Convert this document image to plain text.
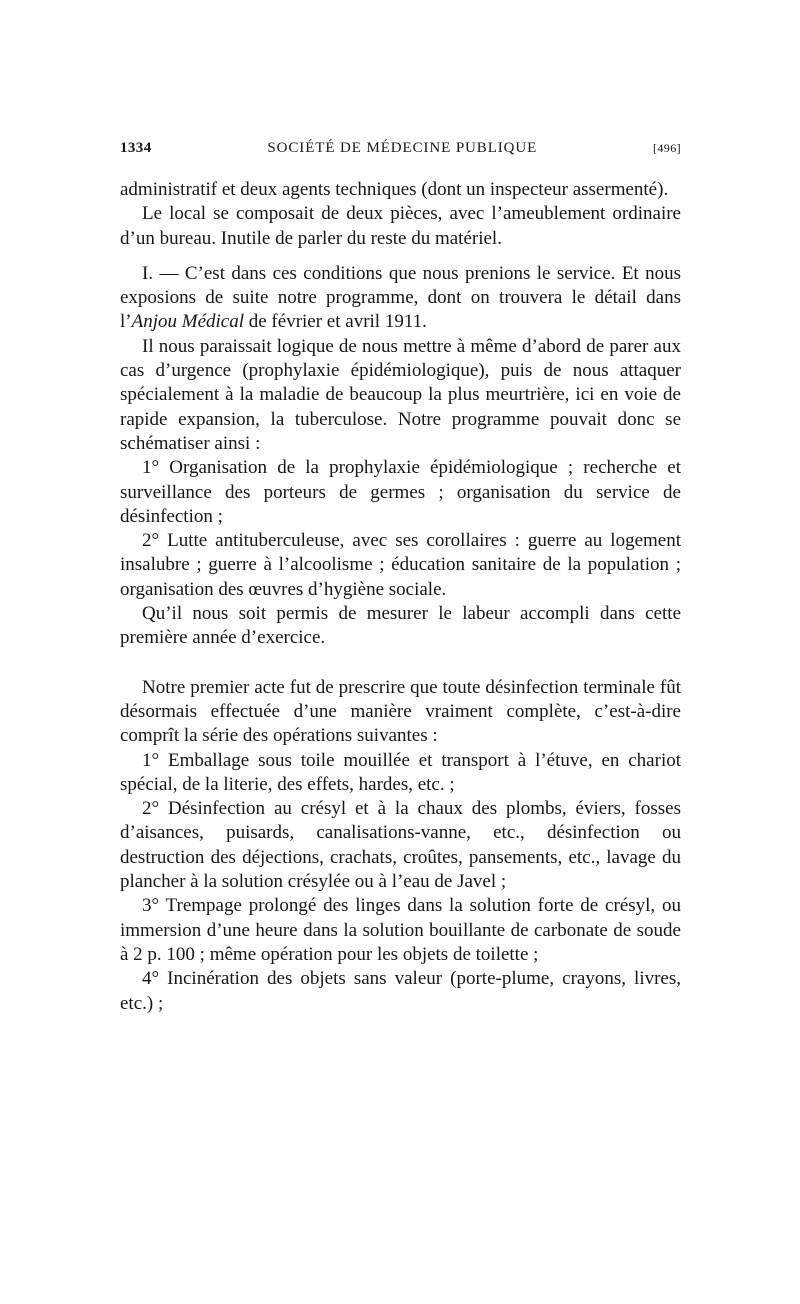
1334	SOCIÉTÉ DE MÉDECINE PUBLIQUE	[496]

administratif et deux agents techniques (dont un inspecteur assermenté).

Le local se composait de deux pièces, avec l’ameublement ordinaire d’un bureau. Inutile de parler du reste du matériel.

I. — C’est dans ces conditions que nous prenions le service. Et nous exposions de suite notre programme, dont on trouvera le détail dans l’Anjou Médical de février et avril 1911.

Il nous paraissait logique de nous mettre à même d’abord de parer aux cas d’urgence (prophylaxie épidémiologique), puis de nous attaquer spécialement à la maladie de beaucoup la plus meurtrière, ici en voie de rapide expansion, la tuberculose. Notre programme pouvait donc se schématiser ainsi :

1° Organisation de la prophylaxie épidémiologique ; recherche et surveillance des porteurs de germes ; organisation du service de désinfection ;

2° Lutte antituberculeuse, avec ses corollaires : guerre au logement insalubre ; guerre à l’alcoolisme ; éducation sanitaire de la population ; organisation des œuvres d’hygiène sociale.

Qu’il nous soit permis de mesurer le labeur accompli dans cette première année d’exercice.

Notre premier acte fut de prescrire que toute désinfection terminale fût désormais effectuée d’une manière vraiment complète, c’est-à-dire comprît la série des opérations suivantes :

1° Emballage sous toile mouillée et transport à l’étuve, en chariot spécial, de la literie, des effets, hardes, etc. ;

2° Désinfection au crésyl et à la chaux des plombs, éviers, fosses d’aisances, puisards, canalisations-vanne, etc., désinfection ou destruction des déjections, crachats, croûtes, pansements, etc., lavage du plancher à la solution crésylée ou à l’eau de Javel ;

3° Trempage prolongé des linges dans la solution forte de crésyl, ou immersion d’une heure dans la solution bouillante de carbonate de soude à 2 p. 100 ; même opération pour les objets de toilette ;

4° Incinération des objets sans valeur (porte-plume, crayons, livres, etc.) ;
